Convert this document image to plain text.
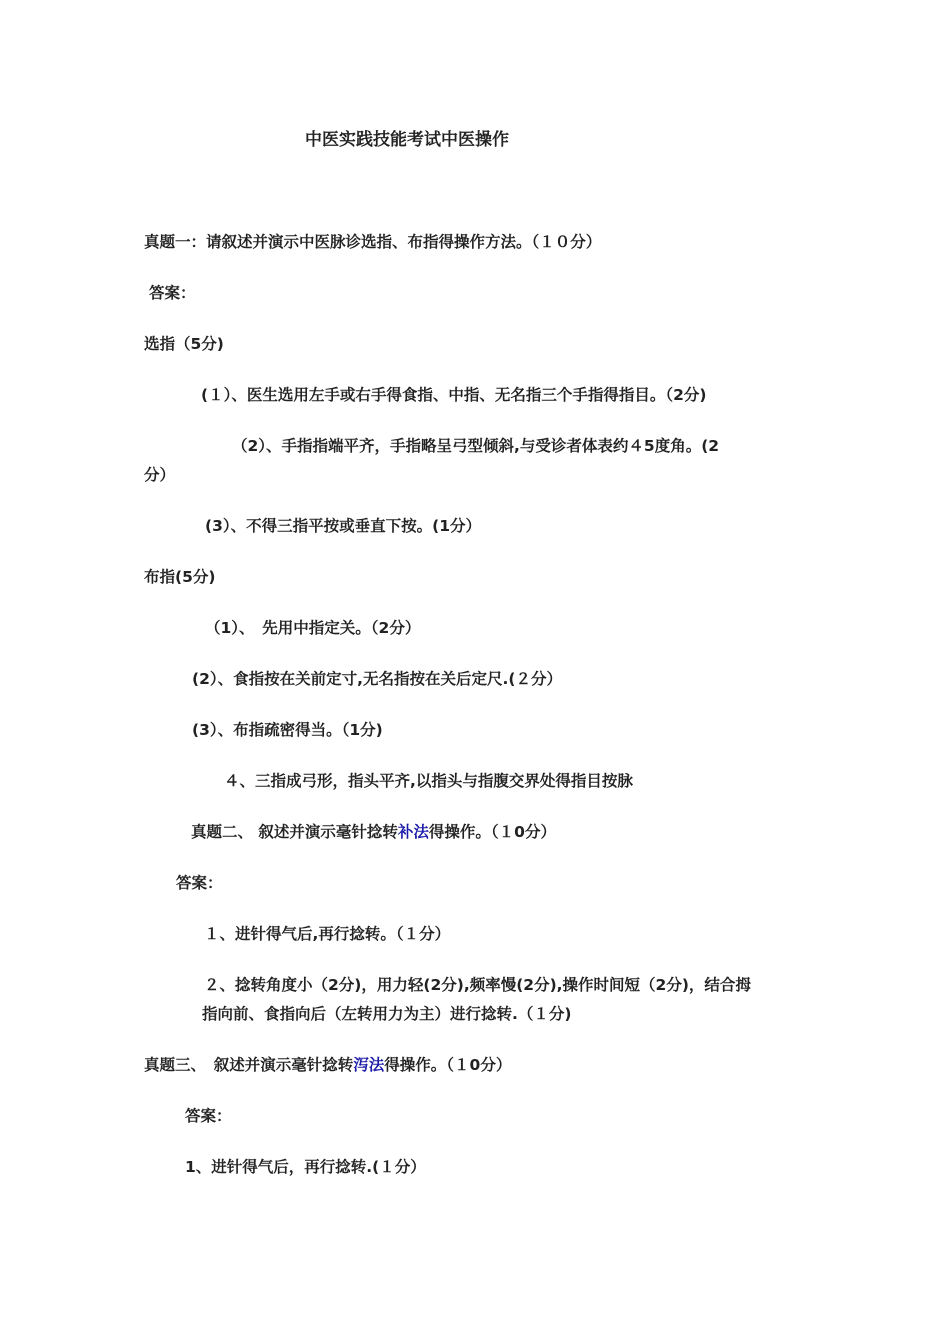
中医实践技能考试中医操作
真题一：请叙述并演示中医脉诊选指、布指得操作方法。（１０分）
答案：
选指（5分)
(１）、医生选用左手或右手得食指、中指、无名指三个手指得指目。（2分)
（2）、手指指端平齐，手指略呈弓型倾斜,与受诊者体表约４5度角。(2
分）
(3）、不得三指平按或垂直下按。(1分）
布指(5分)
（1）、　先用中指定关。（2分）
(2）、食指按在关前定寸,无名指按在关后定尺.(２分）
(3）、布指疏密得当。（1分)
４、三指成弓形，指头平齐,以指头与指腹交界处得指目按脉
真题二、 叙述并演示毫针捻转补法得操作。（１0分）
答案：
１、进针得气后,再行捻转。（１分）
２、捻转角度小（2分)，用力轻(2分),频率慢(2分),操作时间短（2分)，结合拇
指向前、食指向后（左转用力为主）进行捻转.（１分)
真题三、　叙述并演示毫针捻转泻法得操作。（１0分）
答案：
1、进针得气后，再行捻转.(１分）
